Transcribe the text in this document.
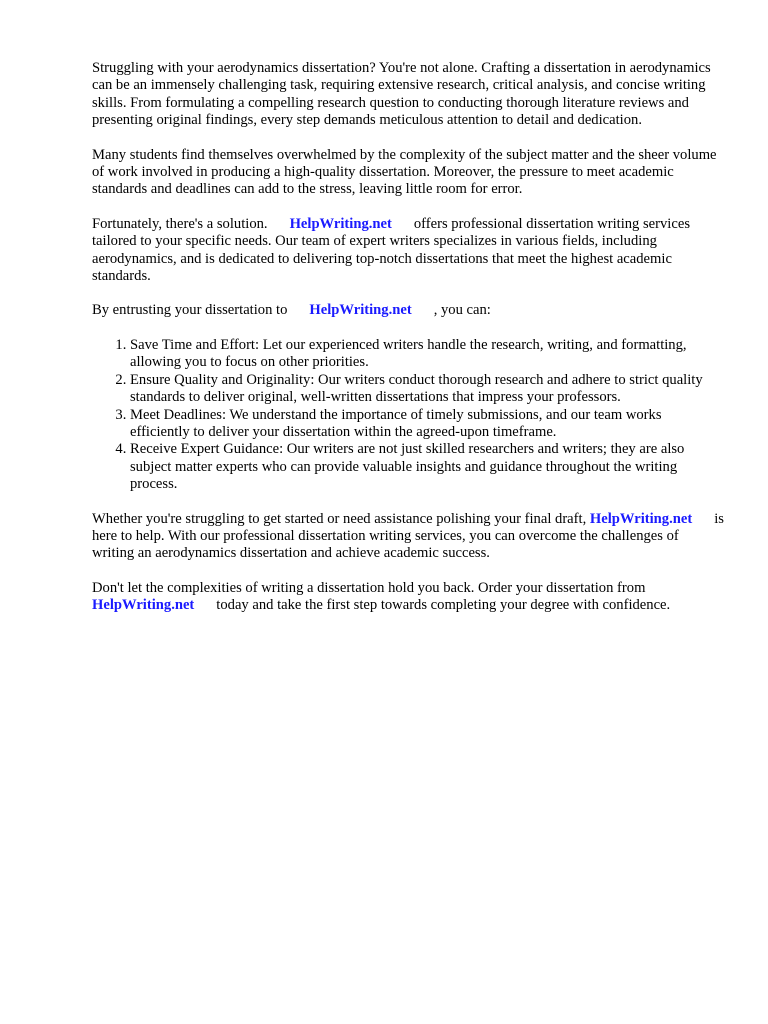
Struggling with your aerodynamics dissertation? You're not alone. Crafting a dissertation in aerodynamics can be an immensely challenging task, requiring extensive research, critical analysis, and concise writing skills. From formulating a compelling research question to conducting thorough literature reviews and presenting original findings, every step demands meticulous attention to detail and dedication.

Many students find themselves overwhelmed by the complexity of the subject matter and the sheer volume of work involved in producing a high-quality dissertation. Moreover, the pressure to meet academic standards and deadlines can add to the stress, leaving little room for error.

Fortunately, there's a solution. HelpWriting.net offers professional dissertation writing services tailored to your specific needs. Our team of expert writers specializes in various fields, including aerodynamics, and is dedicated to delivering top-notch dissertations that meet the highest academic standards.

By entrusting your dissertation to HelpWriting.net , you can:

1. Save Time and Effort: Let our experienced writers handle the research, writing, and formatting, allowing you to focus on other priorities.
2. Ensure Quality and Originality: Our writers conduct thorough research and adhere to strict quality standards to deliver original, well-written dissertations that impress your professors.
3. Meet Deadlines: We understand the importance of timely submissions, and our team works efficiently to deliver your dissertation within the agreed-upon timeframe.
4. Receive Expert Guidance: Our writers are not just skilled researchers and writers; they are also subject matter experts who can provide valuable insights and guidance throughout the writing process.

Whether you're struggling to get started or need assistance polishing your final draft, HelpWriting.net is here to help. With our professional dissertation writing services, you can overcome the challenges of writing an aerodynamics dissertation and achieve academic success.

Don't let the complexities of writing a dissertation hold you back. Order your dissertation from HelpWriting.net today and take the first step towards completing your degree with confidence.
